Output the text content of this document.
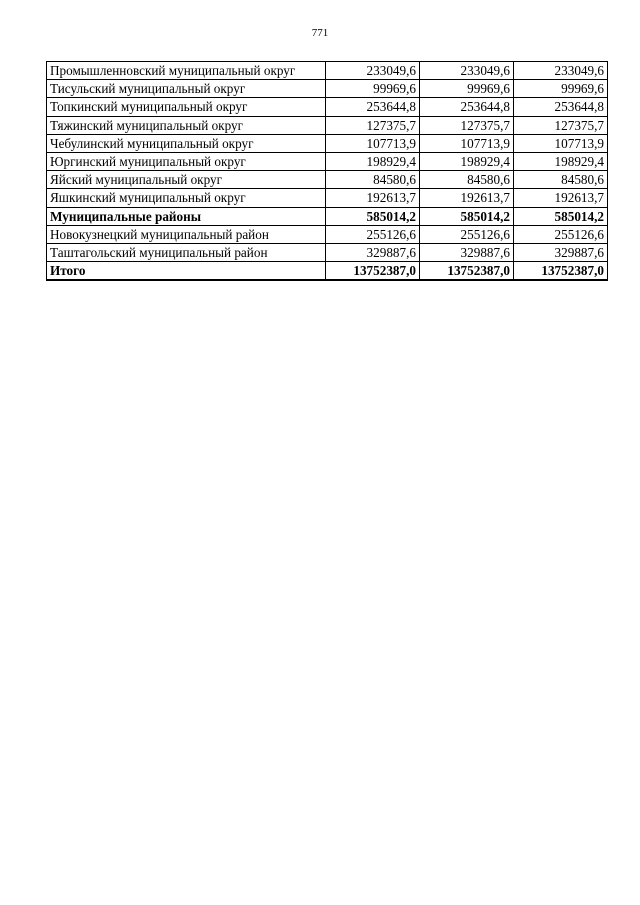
771
Промышленновский муниципальный округ	233049,6	233049,6	233049,6
Тисульский муниципальный округ	99969,6	99969,6	99969,6
Топкинский муниципальный округ	253644,8	253644,8	253644,8
Тяжинский муниципальный округ	127375,7	127375,7	127375,7
Чебулинский муниципальный округ	107713,9	107713,9	107713,9
Юргинский муниципальный округ	198929,4	198929,4	198929,4
Яйский муниципальный округ	84580,6	84580,6	84580,6
Яшкинский муниципальный округ	192613,7	192613,7	192613,7
Муниципальные районы	585014,2	585014,2	585014,2
Новокузнецкий муниципальный район	255126,6	255126,6	255126,6
Таштагольский муниципальный район	329887,6	329887,6	329887,6
Итого	13752387,0	13752387,0	13752387,0
